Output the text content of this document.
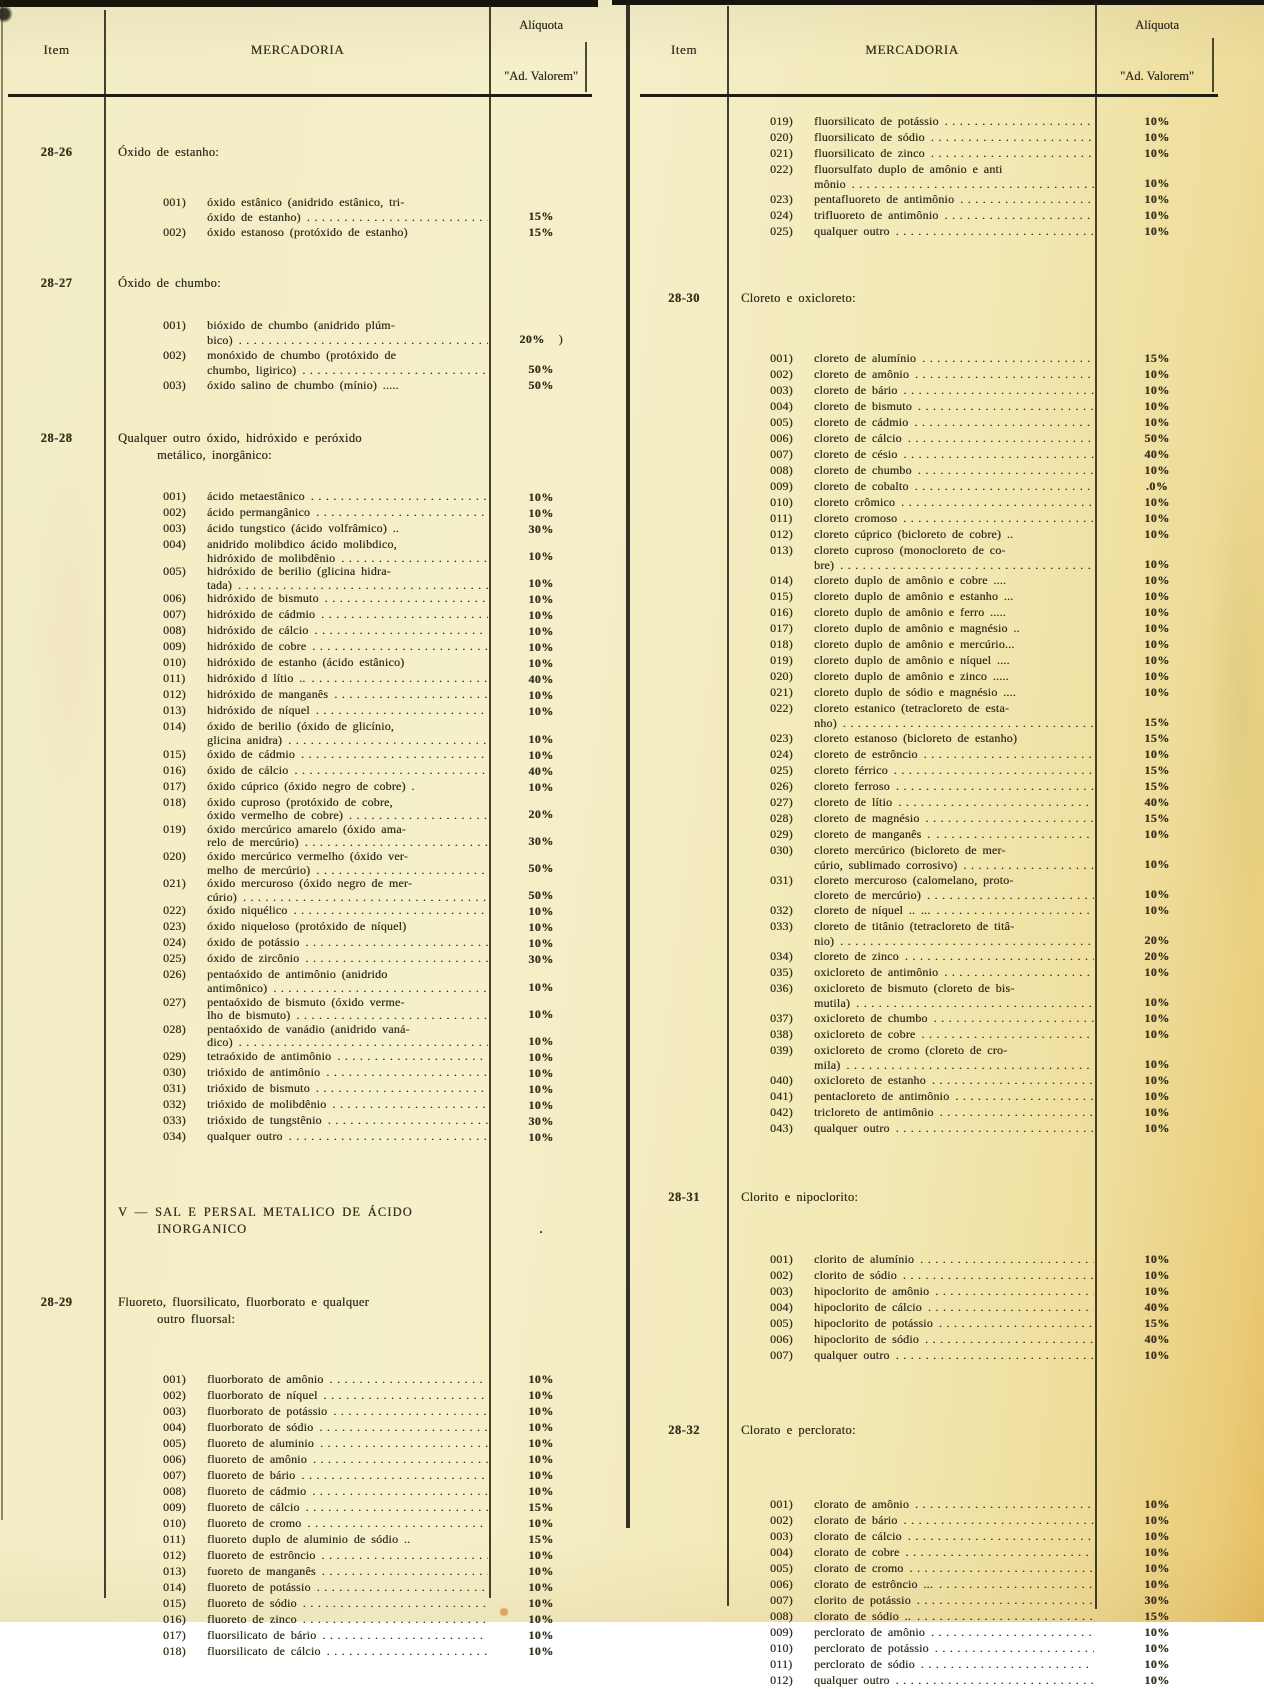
Item	MERCADORIA
Alíquota
"Ad. Valorem"
28-26	Óxido de estanho:
001)	óxido estânico (anidrido estânico, tri-
óxido de estanho) .....	15%
002)	óxido estanoso (protóxido de estanho)	15%
28-27	Óxido de chumbo:
001)	bióxido de chumbo (anidrido plúm-
bico) .....	20% )
002)	monóxido de chumbo (protóxido de
chumbo, ligirico) .....	50%
003)	óxido salino de chumbo (mínio) .....	50%
28-28	Qualquer outro óxido, hidróxido e peróxido
metálico, inorgânico:
001)	ácido metaestânico .....	10%
002)	ácido permangânico .....	10%
003)	ácido tungstico (ácido volfrâmico) ..	30%
004)	anidrido molibdico ácido molibdico,
hidróxido de molibdênio .....	10%
005)	hidróxido de berilio (glicina hidra-
tada) .....	10%
006)	hidróxido de bismuto .....	10%
007)	hidróxido de cádmio .....	10%
008)	hidróxido de cálcio .....	10%
009)	hidróxido de cobre .....	10%
010)	hidróxido de estanho (ácido estânico)	10%
011)	hidróxido d lítio .. .....	40%
012)	hidróxido de manganês .....	10%
013)	hidróxido de níquel .....	10%
014)	óxido de berilio (óxido de glicínio,
glicina anidra) .....	10%
015)	óxido de cádmio .....	10%
016)	óxido de cálcio .....	40%
017)	óxido cúprico (óxido negro de cobre) .	10%
018)	óxido cuproso (protóxido de cobre,
óxido vermelho de cobre) .....	20%
019)	óxido mercúrico amarelo (óxido ama-
relo de mercúrio) .....	30%
020)	óxido mercúrico vermelho (óxido ver-
melho de mercúrio) .....	50%
021)	óxido mercuroso (óxido negro de mer-
cúrio) .....	50%
022)	óxido niquélico .....	10%
023)	óxido niqueloso (protóxido de níquel)	10%
024)	óxido de potássio .....	10%
025)	óxido de zircônio .....	30%
026)	pentaóxido de antimônio (anidrido
antimônico) .....	10%
027)	pentaóxido de bismuto (óxido verme-
lho de bismuto) .....	10%
028)	pentaóxido de vanádio (anidrido vaná-
dico) .....	10%
029)	tetraóxido de antimônio .....	10%
030)	trióxido de antimônio .....	10%
031)	trióxido de bismuto .....	10%
032)	trióxido de molibdênio .....	10%
033)	trióxido de tungstênio .....	30%
034)	qualquer outro .....	10%
V — SAL E PERSAL METALICO DE ÁCIDO
INORGANICO	.
28-29	Fluoreto, fluorsilicato, fluorborato e qualquer
outro fluorsal:
001)	fluorborato de amônio .....	10%
002)	fluorborato de níquel .....	10%
003)	fluorborato de potássio .....	10%
004)	fluorborato de sódio .....	10%
005)	fluoreto de aluminio .....	10%
006)	fluoreto de amônio .....	10%
007)	fluoreto de bário .....	10%
008)	fluoreto de cádmio .....	10%
009)	fluoreto de cálcio .....	15%
010)	fluoreto de cromo .....	10%
011)	fluoreto duplo de aluminio de sódio ..	15%
012)	fluoreto de estrôncio .....	10%
013)	fuoreto de manganês .....	10%
014)	fluoreto de potássio .....	10%
015)	fluoreto de sódio .....	10%
016)	fluoreto de zinco .....	10%
017)	fluorsilicato de bário .....	10%
018)	fluorsilicato de cálcio .....	10%
Item	MERCADORIA
Alíquota
"Ad. Valorem"
019)	fluorsilicato de potássio .....	10%
020)	fluorsilicato de sódio .....	10%
021)	fluorsilicato de zinco .....	10%
022)	fluorsulfato duplo de amônio e anti
mônio .....	10%
023)	pentafluoreto de antimônio .....	10%
024)	trifluoreto de antimônio .....	10%
025)	qualquer outro .....	10%
28-30	Cloreto e oxicloreto:
001)	cloreto de alumínio .....	15%
002)	cloreto de amônio .....	10%
003)	cloreto de bário .....	10%
004)	cloreto de bismuto .....	10%
005)	cloreto de cádmio .....	10%
006)	cloreto de cálcio .....	50%
007)	cloreto de césio .....	40%
008)	cloreto de chumbo .....	10%
009)	cloreto de cobalto .....	.0%
010)	cloreto crômico .....	10%
011)	cloreto cromoso .....	10%
012)	cloreto cúprico (bicloreto de cobre) ..	10%
013)	cloreto cuproso (monocloreto de co-
bre) .....	10%
014)	cloreto duplo de amônio e cobre ....	10%
015)	cloreto duplo de amônio e estanho ...	10%
016)	cloreto duplo de amônio e ferro .....	10%
017)	cloreto duplo de amônio e magnésio ..	10%
018)	cloreto duplo de amônio e mercúrio...	10%
019)	cloreto duplo de amônio e níquel ....	10%
020)	cloreto duplo de amônio e zinco .....	10%
021)	cloreto duplo de sódio e magnésio ....	10%
022)	cloreto estanico (tetracloreto de esta-
nho) .....	15%
023)	cloreto estanoso (bicloreto de estanho)	15%
024)	cloreto de estrôncio .....	10%
025)	cloreto férrico .....	15%
026)	cloreto ferroso .....	15%
027)	cloreto de lítio .....	40%
028)	cloreto de magnésio .....	15%
029)	cloreto de manganês . .....	10%
030)	cloreto mercúrico (bicloreto de mer-
cúrio, sublimado corrosivo) .....	10%
031)	cloreto mercuroso (calomelano, proto-
cloreto de mercúrio) .....	10%
032)	cloreto de níquel .. ... .....	10%
033)	cloreto de titânio (tetracloreto de titâ-
nio) .....	20%
034)	cloreto de zinco .....	20%
035)	oxicloreto de antimônio .....	10%
036)	oxicloreto de bismuto (cloreto de bis-
mutila) .....	10%
037)	oxicloreto de chumbo .....	10%
038)	oxicloreto de cobre .....	10%
039)	oxicloreto de cromo (cloreto de cro-
mila) .....	10%
040)	oxicloreto de estanho .....	10%
041)	pentacloreto de antimônio .....	10%
042)	tricloreto de antimônio .....	10%
043)	qualquer outro .....	10%
28-31	Clorito e nipoclorito:
001)	clorito de alumínio .....	10%
002)	clorito de sódio .....	10%
003)	hipoclorito de amônio .....	10%
004)	hipoclorito de cálcio .....	40%
005)	hipoclorito de potássio .....	15%
006)	hipoclorito de sódio .....	40%
007)	qualquer outro .....	10%
28-32	Clorato e perclorato:
001)	clorato de amônio .....	10%
002)	clorato de bário .....	10%
003)	clorato de cálcio .....	10%
004)	clorato de cobre .....	10%
005)	clorato de cromo .....	10%
006)	clorato de estrôncio ... .....	10%
007)	clorito de potássio .....	30%
008)	clorato de sódio .. .....	15%
009)	perclorato de amônio .....	10%
010)	perclorato de potássio .....	10%
011)	perclorato de sódio .....	10%
012)	qualquer outro .....	10%
